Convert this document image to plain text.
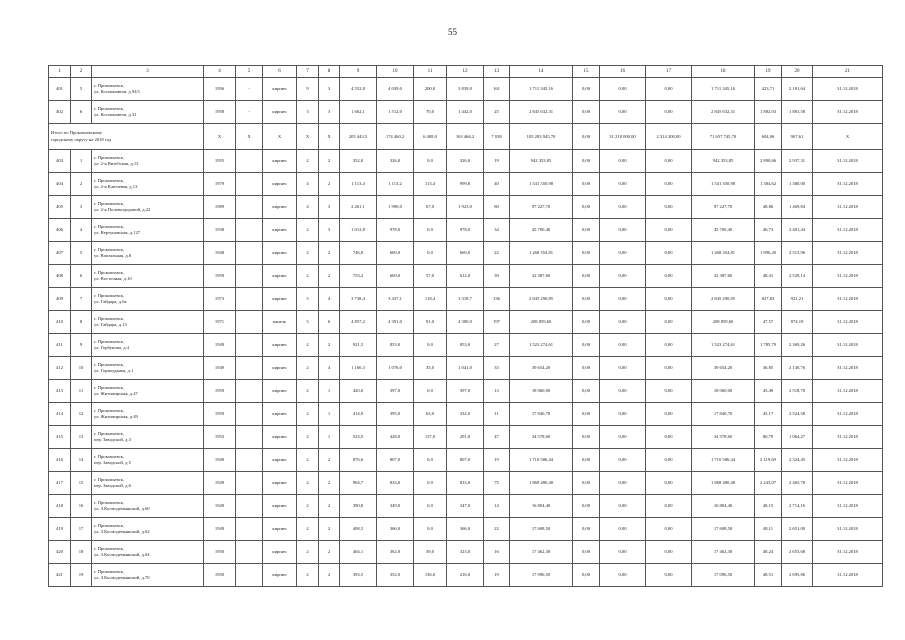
55
1	2	3	4	5	6	7	8	9	10	11	12	13	14	15	16	17	18	19	20	21
401	5	г. Прокопьевск,
ул. Космонавтов, д.94/1	1956	-	кирпич	9	3	4 552,8	4 039,0	200,0	3 839,0	161	1 711 345,16	0,00	0,00	0,00	1 711 345,16	423,71	2 181,64	31.12.2018
402	6	г. Прокопьевск,
ул. Космонавтов, д.31	1958	-	кирпич	3	3	1 662,1	1 512,0	70,0	1 442,0	25	2 845 632,31	0,00	0,00	0,00	2 845 632,31	1 882,03	1 881,58	31.12.2018

Итого по Прокопьевскому
городскому округу на 2018 год			X	X	X	X	X	205 443,5	174 460,2	6 408,0	163 466,2	7 038	105 283 945,70	0,00	31 218 000,00	2 314 300,00	71 657 745,70	604,06	967,61	X
403	1	г. Прокопьевск,
ул. 2-я Витебская, д.13	1955		кирпич	2	2	352,0	326,0	0,0	326,0	19	942 353,85	0,00	0,00	0,00	942 353,85	2 890,66	2 937,31	31.12.2018
404	2	г. Прокопьевск,
ул. 2-я Ключевая, д.13	1979		кирпич	4	2	1 113,4	1 113,2	113,4	999,8	40	1 541 350,98	0,00	0,00	0,00	1 541 350,98	1 384,62	1 380,00	31.12.2018
405	3	г. Прокопьевск,
ул. 2-я Полевоздоровой, д.22	1989		кирпич	4	3	2 261,1	1 990,0	67,0	1 923,0	80	97 227,70	0,00	0,00	0,00	97 227,70	48,86	1 469,84	31.12.2018
406	4	г. Прокопьевск,
ул. Вертуновская, д.127	1938		кирпич	2	3	1 012,8	978,0	0,0	978,0	34	45 700,40	0,00	0,00	0,00	45 700,40	46,73	2 401,44	31.12.2018
407	5	г. Прокопьевск,
ул. Вокзальная, д.8	1948		кирпич	2	2	746,8	669,0	0,0	669,0	22	1 268 354,81	0,00	0,00	0,00	1 268 354,81	1 896,20	2 515,96	31.12.2018
408	6	г. Прокопьевск,
ул. Восточная, д.10	1959		кирпич	2	2	753,2	669,0	57,0	612,0	39	32 387,60	0,00	0,00	0,00	32 387,60	48,41	2 529,14	31.12.2018
409	7	г. Прокопьевск,
ул. Гайдара, д.6а	1973		кирпич	5	4	3 738,4	3 437,1	118,4	3 318,7	136	2 845 290,85	0,00	0,00	0,00	2 845 290,85	827,82	921,21	31.12.2018
410	8	г. Прокопьевск,
ул. Гайдара, д.13	1971		панель	5	6	4 857,2	4 391,0	91,0	4 300,0	197	208 859,60	0,00	0,00	0,00	208 859,60	47,57	874,19	31.12.2018
411	9	г. Прокопьевск,
ул. Горбунова, д.4	1949		кирпич	2	2	921,5	853,0	0,0	853,0	27	1 523 274,61	0,00	0,00	0,00	1 523 274,61	1 785,79	2 369,26	31.12.2018
412	10	г. Прокопьевск,
ул. Горноуданья, д.1	1949		кирпич	2	4	1 166,3	1 076,0	35,0	1 041,0	33	39 654,20	0,00	0,00	0,00	39 654,20	36,85	2 130,76	31.12.2018
413	11	г. Прокопьевск,
ул. Житомирская, д.47	1959		кирпич	2	1	420,0	397,0	0,0	397,0	13	18 060,00	0,00	0,00	0,00	18 060,00	45,49	2 518,70	31.12.2018
414	12	г. Прокопьевск,
ул. Житомирская, д.49	1959		кирпич	2	1	414,9	395,0	63,0	332,0	11	17 840,70	0,00	0,00	0,00	17 840,70	45,17	2 524,58	31.12.2018
415	13	г. Прокопьевск,
пер. Заводской, д.3	1953		кирпич	2	1	523,5	428,0	137,0	291,0	47	34 578,60	0,00	0,00	0,00	34 578,60	80,79	1 064,27	31.12.2018
416	14	г. Прокопьевск,
пер. Заводской, д.5	1949		кирпич	2	2	876,6	807,0	0,0	807,0	19	1 710 586,44	0,00	0,00	0,00	1 710 586,44	2 119,69	2 324,45	31.12.2018
417	15	г. Прокопьевск,
пер. Заводской, д.6	1949		кирпич	2	2	904,7	833,0	0,0	833,0	75	1 868 480,48	0,00	0,00	0,00	1 868 480,48	2 243,07	2 465,78	31.12.2018
418	16	г. Прокопьевск,
ул. З.Космодемьянской, д.60	1949		кирпич	2	2	390,8	349,0	0,0	347,0	14	16 804,40	0,00	0,00	0,00	16 804,40	48,15	2 714,16	31.12.2018
419	17	г. Прокопьевск,
ул. З.Космодемьянской, д.62	1949		кирпич	2	2	408,5	366,0	0,0	366,0	22	17 608,50	0,00	0,00	0,00	17 608,50	48,11	2 651,00	31.12.2018
420	18	г. Прокопьевск,
ул. З.Космодемьянской, д.64	1950		кирпич	2	2	404,1	362,0	39,0	323,0	16	17 462,30	0,00	0,00	0,00	17 462,30	48,24	2 653,68	31.12.2018
421	19	г. Прокопьевск,
ул. З.Космодемьянской, д.70	1950		кирпич	2	2	393,5	352,0	136,0	216,0	19	17 096,50	0,00	0,00	0,00	17 096,50	48,51	2 695,86	31.12.2018
